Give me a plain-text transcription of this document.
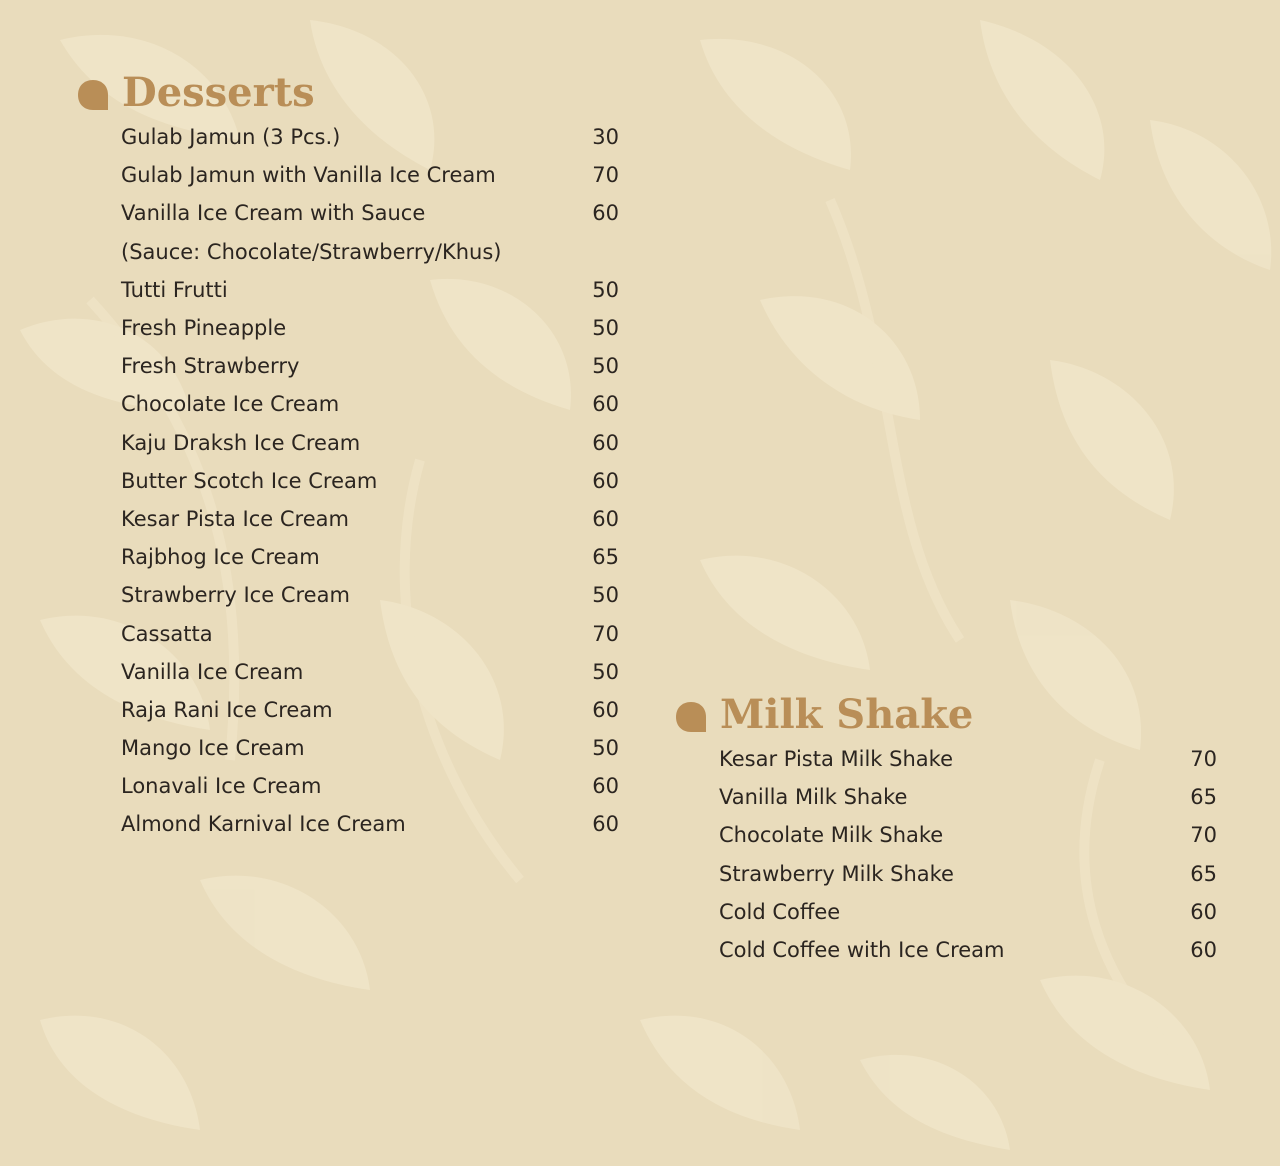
Desserts
Gulab Jamun (3 Pcs.)	30
Gulab Jamun with Vanilla Ice Cream	70
Vanilla Ice Cream with Sauce	60
(Sauce: Chocolate/Strawberry/Khus)
Tutti Frutti	50
Fresh Pineapple	50
Fresh Strawberry	50
Chocolate Ice Cream	60
Kaju Draksh Ice Cream	60
Butter Scotch Ice Cream	60
Kesar Pista Ice Cream	60
Rajbhog Ice Cream	65
Strawberry Ice Cream	50
Cassatta	70
Vanilla Ice Cream	50
Raja Rani Ice Cream	60
Mango Ice Cream	50
Lonavali Ice Cream	60
Almond Karnival Ice Cream	60
Milk Shake
Kesar Pista Milk Shake	70
Vanilla Milk Shake	65
Chocolate Milk Shake	70
Strawberry Milk Shake	65
Cold Coffee	60
Cold Coffee with Ice Cream	60
